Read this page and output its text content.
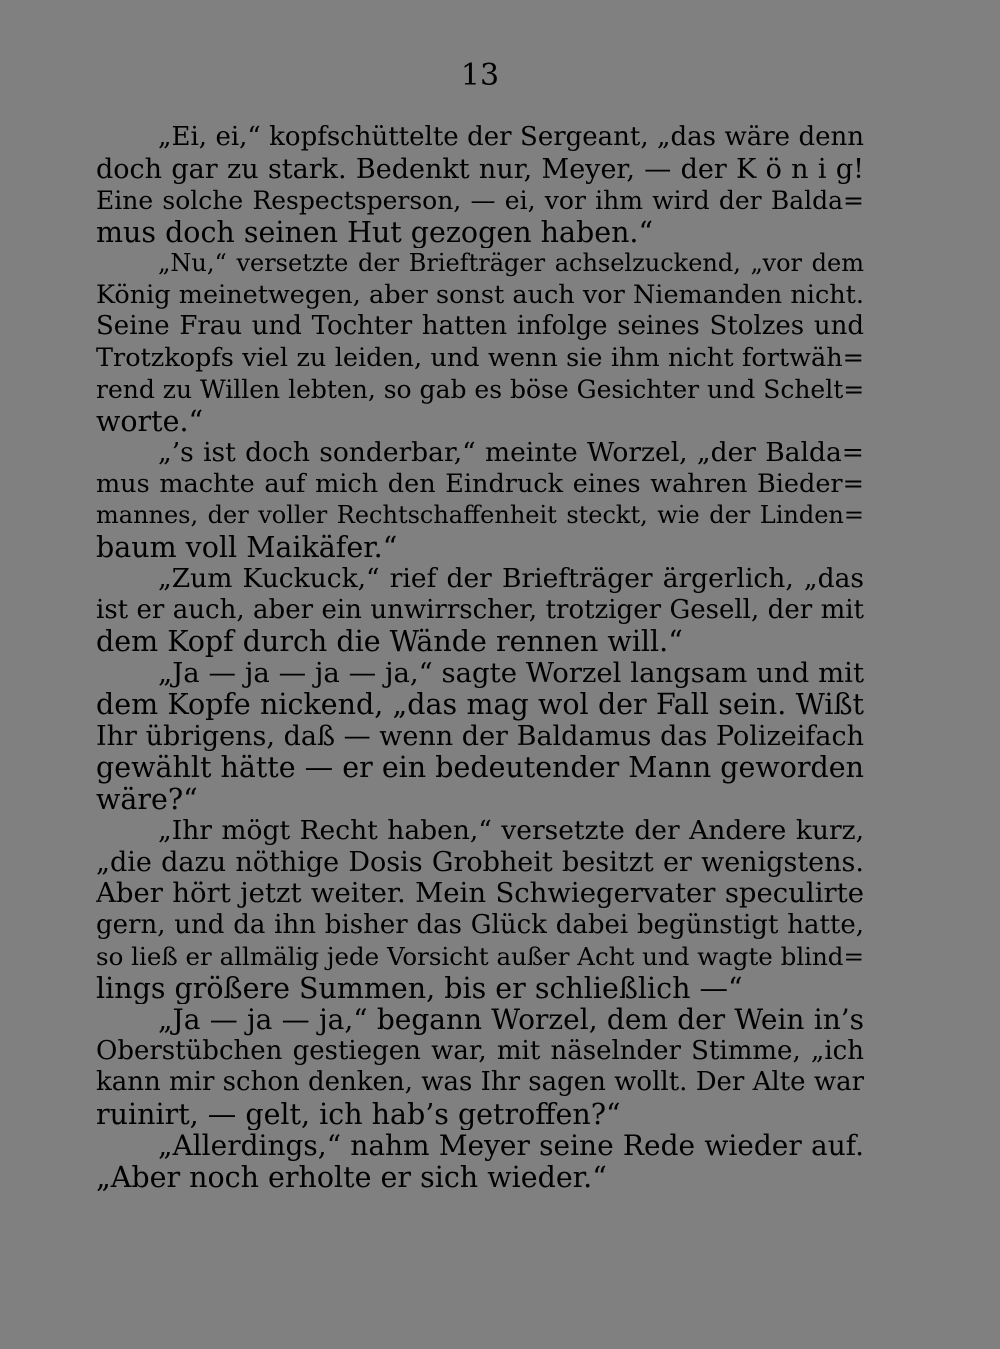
13
„Ei, ei,“ kopfschüttelte der Sergeant, „das wäre denn
doch gar zu stark. Bedenkt nur, Meyer, — der K ö n i g!
Eine solche Respectsperson, — ei, vor ihm wird der Balda=
mus doch seinen Hut gezogen haben.“
„Nu,“ versetzte der Briefträger achselzuckend, „vor dem
König meinetwegen, aber sonst auch vor Niemanden nicht.
Seine Frau und Tochter hatten infolge seines Stolzes und
Trotzkopfs viel zu leiden, und wenn sie ihm nicht fortwäh=
rend zu Willen lebten, so gab es böse Gesichter und Schelt=
worte.“
„’s ist doch sonderbar,“ meinte Worzel, „der Balda=
mus machte auf mich den Eindruck eines wahren Bieder=
mannes, der voller Rechtschaffenheit steckt, wie der Linden=
baum voll Maikäfer.“
„Zum Kuckuck,“ rief der Briefträger ärgerlich, „das
ist er auch, aber ein unwirrscher, trotziger Gesell, der mit
dem Kopf durch die Wände rennen will.“
„Ja — ja — ja — ja,“ sagte Worzel langsam und mit
dem Kopfe nickend, „das mag wol der Fall sein. Wißt
Ihr übrigens, daß — wenn der Baldamus das Polizeifach
gewählt hätte — er ein bedeutender Mann geworden
wäre?“
„Ihr mögt Recht haben,“ versetzte der Andere kurz,
„die dazu nöthige Dosis Grobheit besitzt er wenigstens.
Aber hört jetzt weiter. Mein Schwiegervater speculirte
gern, und da ihn bisher das Glück dabei begünstigt hatte,
so ließ er allmälig jede Vorsicht außer Acht und wagte blind=
lings größere Summen, bis er schließlich —“
„Ja — ja — ja,“ begann Worzel, dem der Wein in’s
Oberstübchen gestiegen war, mit näselnder Stimme, „ich
kann mir schon denken, was Ihr sagen wollt. Der Alte war
ruinirt, — gelt, ich hab’s getroffen?“
„Allerdings,“ nahm Meyer seine Rede wieder auf.
„Aber noch erholte er sich wieder.“
